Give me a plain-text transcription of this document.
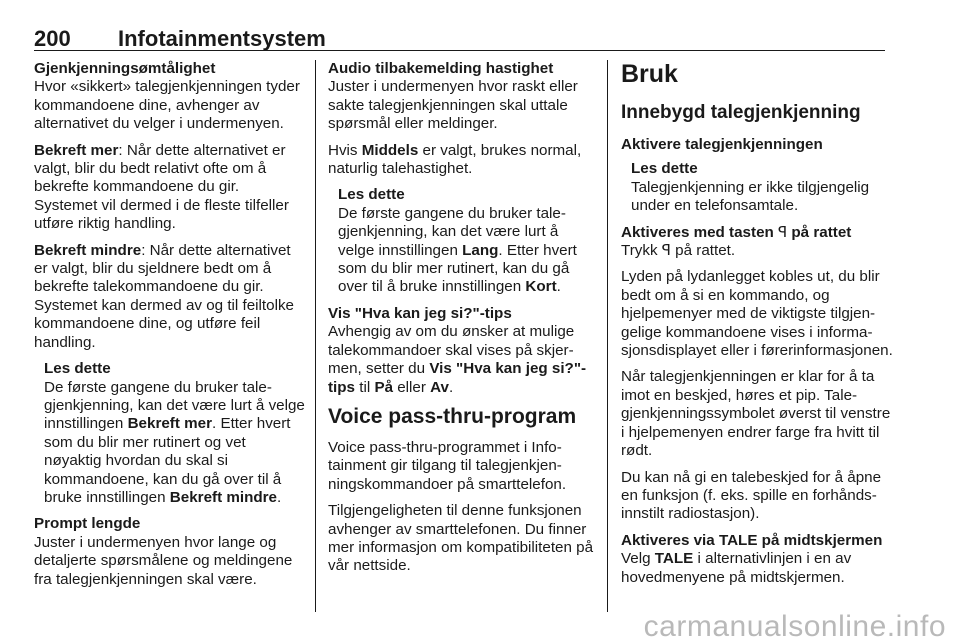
200 Infotainmentsystem
Gjenkjenningsømtålighet
Hvor «sikkert» talegjenkjenningen tyder kommandoene dine, avhenger av alternativet du velger i undermenyen.
Bekreft mer: Når dette alternativet er valgt, blir du bedt relativt ofte om å bekrefte kommandoene du gir. Systemet vil dermed i de fleste tilfeller utføre riktig handling.
Bekreft mindre: Når dette alternativet er valgt, blir du sjeldnere bedt om å bekrefte talekommandoene du gir. Systemet kan dermed av og til feiltolke kommandoene dine, og utføre feil handling.
Les dette
De første gangene du bruker talegjenkjenning, kan det være lurt å velge innstillingen Bekreft mer. Etter hvert som du blir mer rutinert og vet nøyaktig hvordan du skal si kommandoene, kan du gå over til å bruke innstillingen Bekreft mindre.
Prompt lengde
Juster i undermenyen hvor lange og detaljerte spørsmålene og meldingene fra talegjenkjenningen skal være.
Audio tilbakemelding hastighet
Juster i undermenyen hvor raskt eller sakte talegjenkjenningen skal uttale spørsmål eller meldinger.
Hvis Middels er valgt, brukes normal, naturlig talehastighet.
Les dette
De første gangene du bruker talegjenkjenning, kan det være lurt å velge innstillingen Lang. Etter hvert som du blir mer rutinert, kan du gå over til å bruke innstillingen Kort.
Vis "Hva kan jeg si?"-tips
Avhengig av om du ønsker at mulige talekommandoer skal vises på skjermen, setter du Vis "Hva kan jeg si?"-tips til På eller Av.
Voice pass-thru-program
Voice pass-thru-programmet i Infotainment gir tilgang til talegjenkjenningskommandoer på smarttelefon.
Tilgjengeligheten til denne funksjonen avhenger av smarttelefonen. Du finner mer informasjon om kompatibiliteten på vår nettside.
Bruk
Innebygd talegjenkjenning
Aktivere talegjenkjenningen
Les dette
Talegjenkjenning er ikke tilgjengelig under en telefonsamtale.
Aktiveres med tasten ꟼ på rattet
Trykk ꟼ på rattet.
Lyden på lydanlegget kobles ut, du blir bedt om å si en kommando, og hjelpemenyer med de viktigste tilgjengelige kommandoene vises i informasjonsdisplayet eller i førerinformasjonen.
Når talegjenkjenningen er klar for å ta imot en beskjed, høres et pip. Talegjenkjenningssymbolet øverst til venstre i hjelpemenyen endrer farge fra hvitt til rødt.
Du kan nå gi en talebeskjed for å åpne en funksjon (f. eks. spille en forhåndsinnstilt radiostasjon).
Aktiveres via TALE på midtskjermen
Velg TALE i alternativlinjen i en av hovedmenyene på midtskjermen.
carmanualsonline.info
